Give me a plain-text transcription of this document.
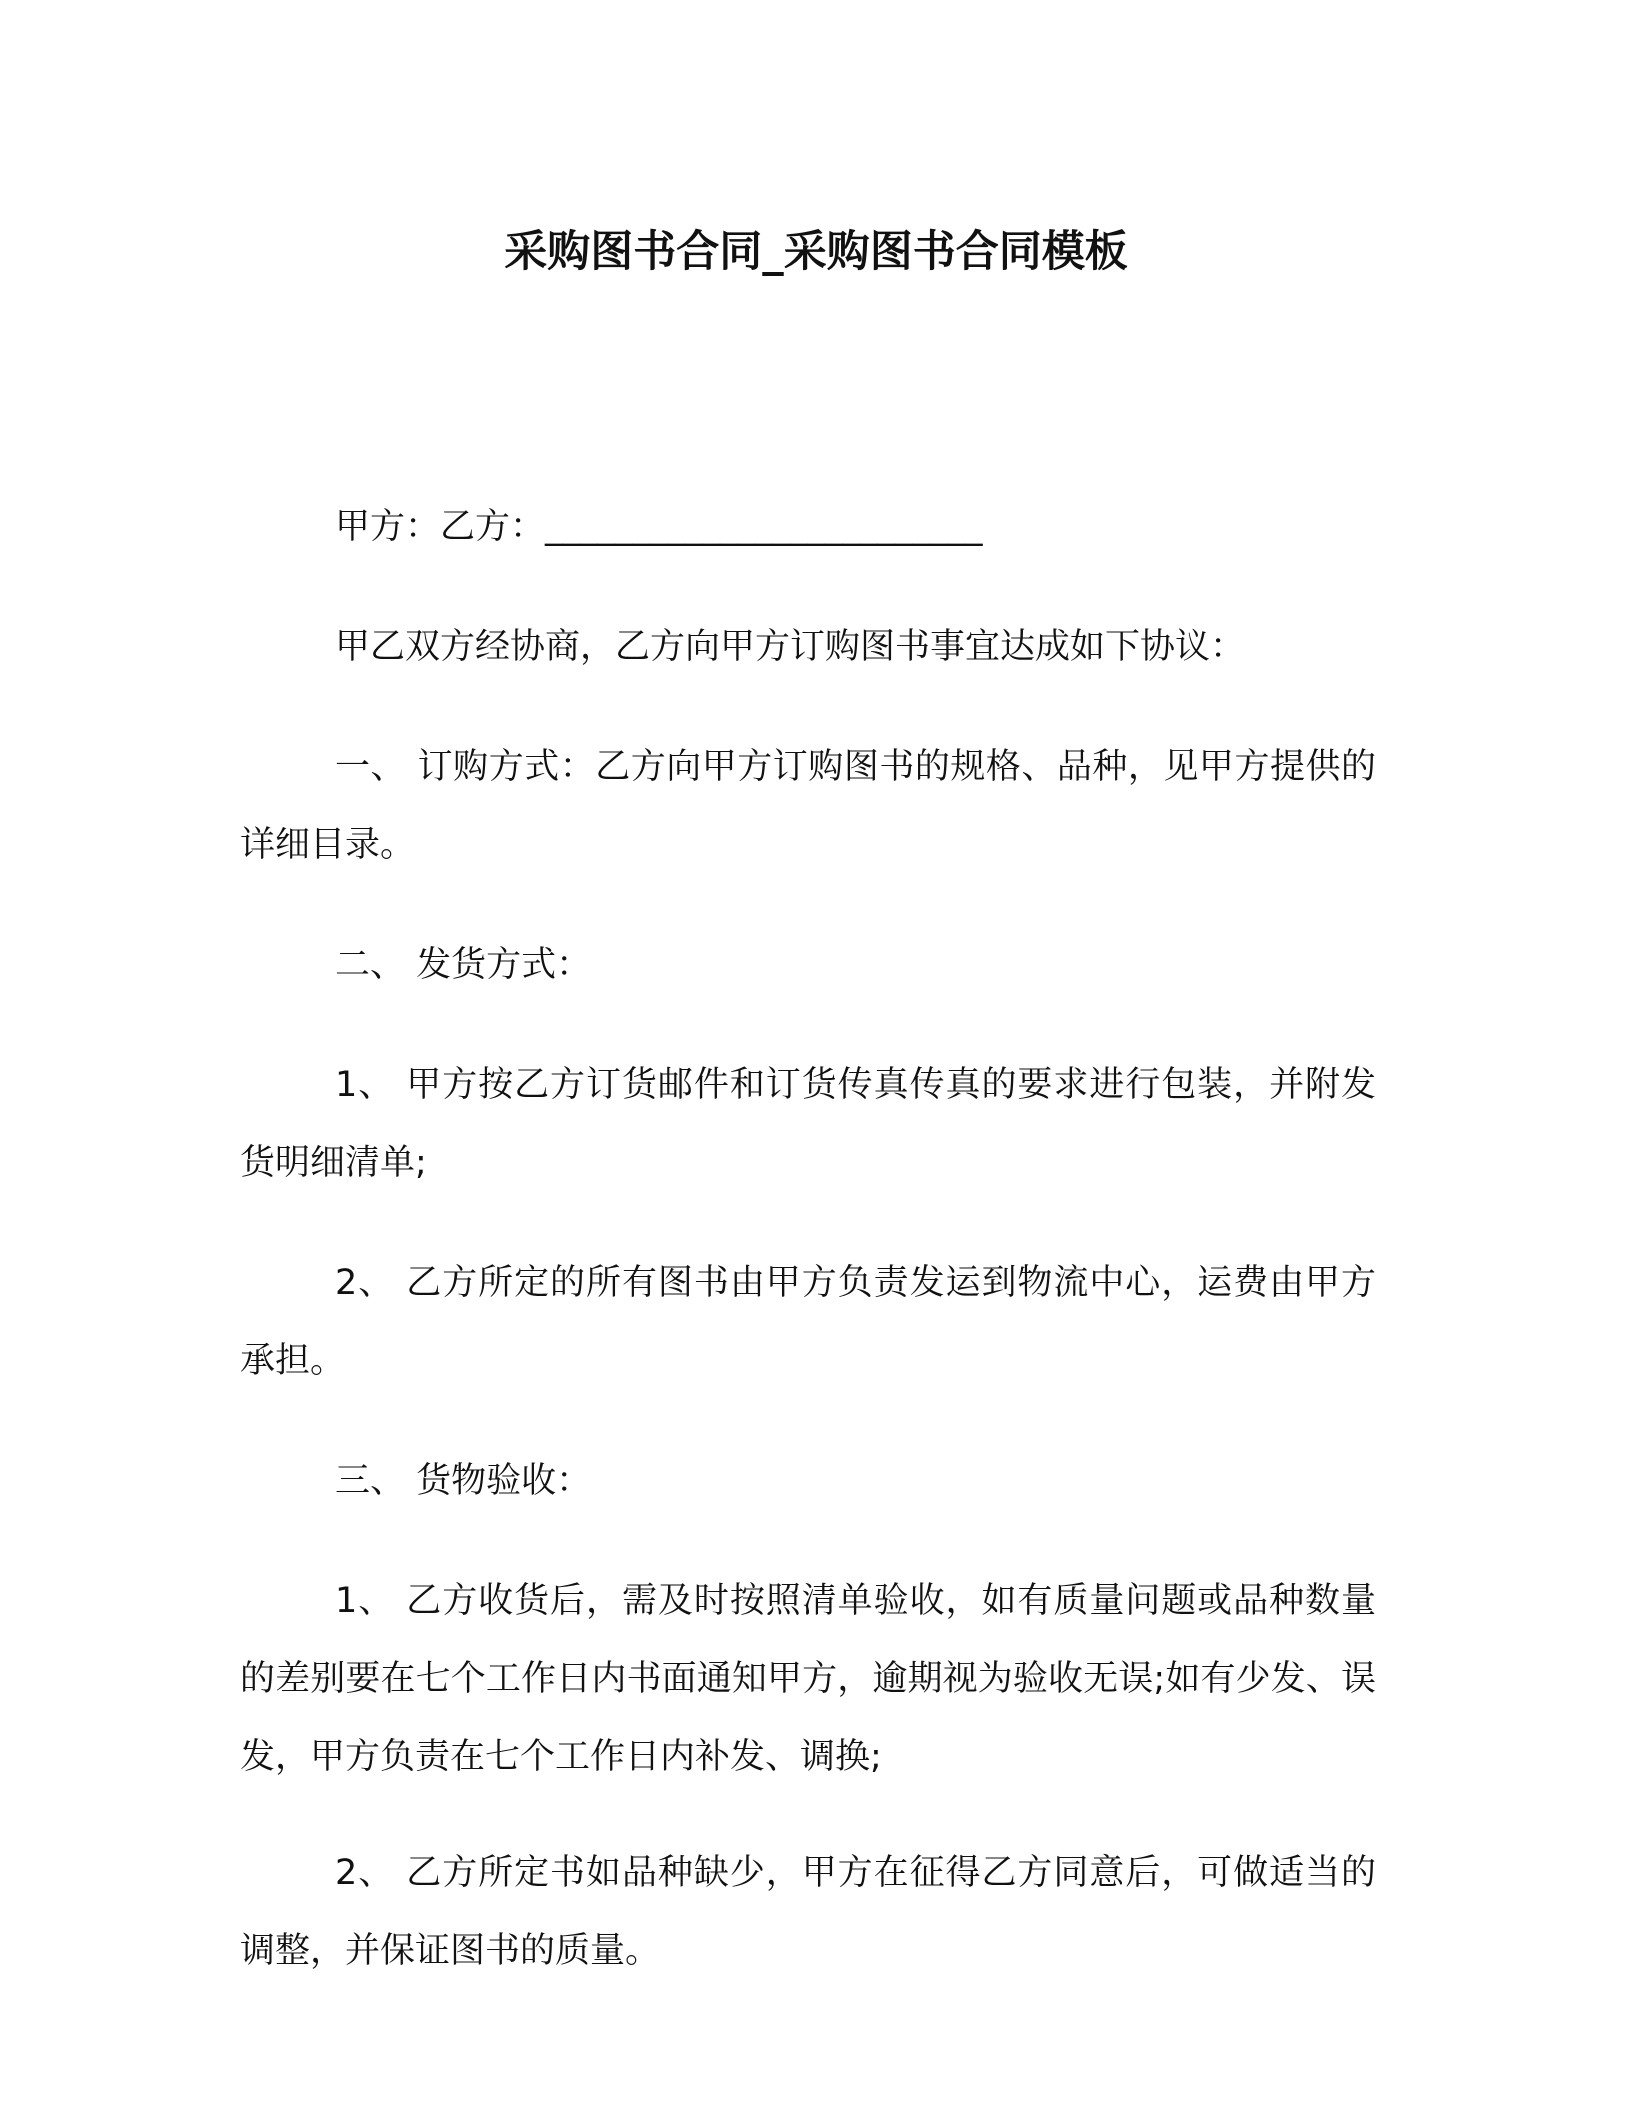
采购图书合同_采购图书合同模板

甲方：乙方：_________________________

甲乙双方经协商，乙方向甲方订购图书事宜达成如下协议：

一、 订购方式：乙方向甲方订购图书的规格、品种，见甲方提供的详细目录。

二、 发货方式：

1、 甲方按乙方订货邮件和订货传真传真的要求进行包装，并附发货明细清单;

2、 乙方所定的所有图书由甲方负责发运到物流中心，运费由甲方承担。

三、 货物验收：

1、 乙方收货后，需及时按照清单验收，如有质量问题或品种数量的差别要在七个工作日内书面通知甲方，逾期视为验收无误;如有少发、误发，甲方负责在七个工作日内补发、调换;

2、 乙方所定书如品种缺少，甲方在征得乙方同意后，可做适当的调整，并保证图书的质量。
